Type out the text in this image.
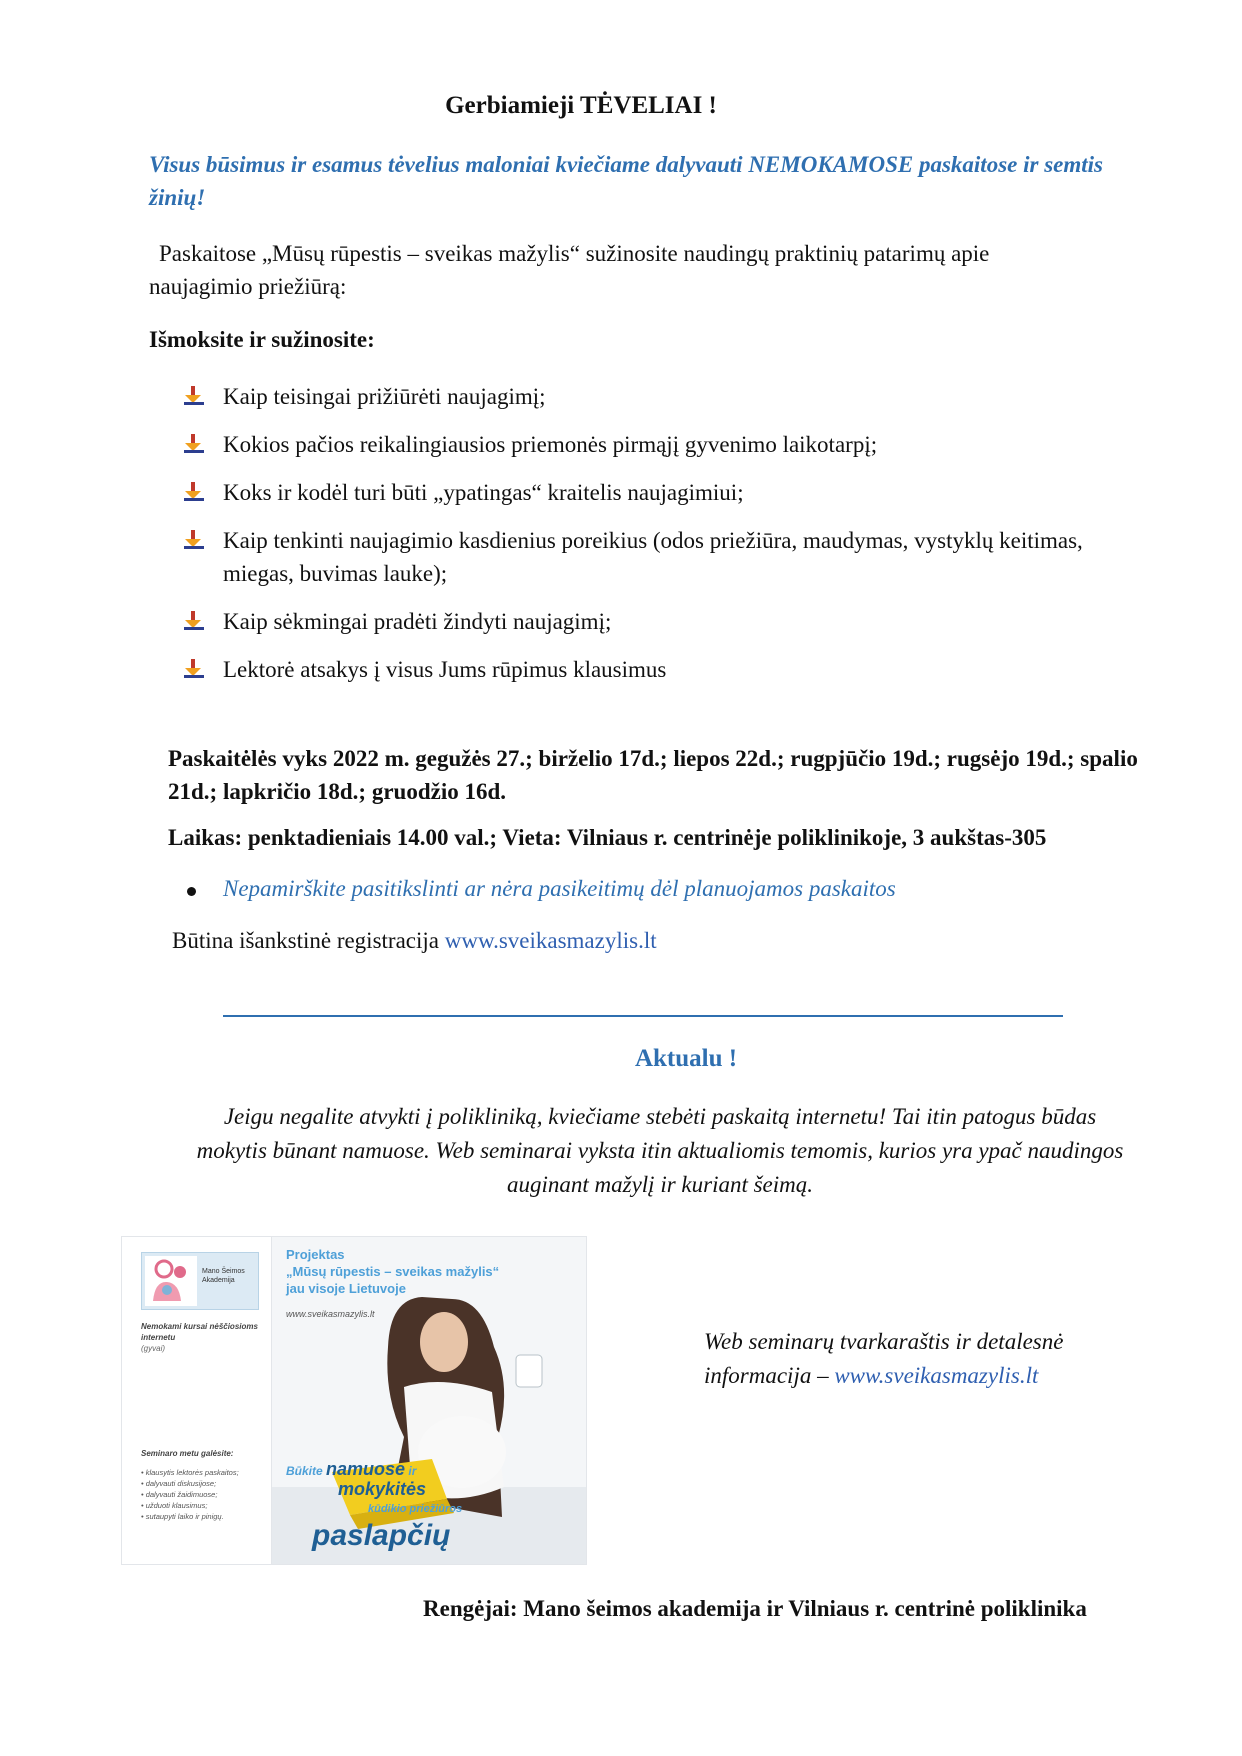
Gerbiamieji TĖVELIAI !
Visus būsimus ir esamus tėvelius maloniai kviečiame dalyvauti NEMOKAMOSE paskaitose ir semtis žinių!
Paskaitose „Mūsų rūpestis – sveikas mažylis“ sužinosite naudingų praktinių patarimų apie naujagimio priežiūrą:
Išmoksite ir sužinosite:
Kaip teisingai prižiūrėti naujagimį;
Kokios pačios reikalingiausios priemonės pirmąjį gyvenimo laikotarpį;
Koks ir kodėl turi būti „ypatingas“ kraitelis naujagimiui;
Kaip tenkinti naujagimio kasdienius poreikius (odos priežiūra, maudymas, vystyklų keitimas, miegas, buvimas lauke);
Kaip sėkmingai pradėti žindyti naujagimį;
Lektorė atsakys į visus Jums rūpimus klausimus
Paskaitėlės vyks 2022 m. gegužės 27.; birželio 17d.; liepos 22d.; rugpjūčio 19d.; rugsėjo 19d.; spalio 21d.; lapkričio 18d.; gruodžio 16d.
Laikas: penktadieniais 14.00 val.; Vieta: Vilniaus r. centrinėje poliklinikoje, 3 aukštas-305
Nepamirškite pasitikslinti ar nėra pasikeitimų dėl planuojamos paskaitos
Būtina išankstinė registracija www.sveikasmazylis.lt
Aktualu !
Jeigu negalite atvykti į polikliniką, kviečiame stebėti paskaitą internetu! Tai itin patogus būdas mokytis būnant namuose. Web seminarai vyksta itin aktualiomis temomis, kurios yra ypač naudingos auginant mažylį ir kuriant šeimą.
Mano Šeimos Akademija
Nemokami kursai nėščiosioms internetu
(gyvai)
Seminaro metu galėsite:
• klausytis lektorės paskaitos;
• dalyvauti diskusijose;
• dalyvauti žaidimuose;
• užduoti klausimus;
• sutaupyti laiko ir pinigų.
Projektas
„Mūsų rūpestis – sveikas mažylis“
jau visoje Lietuvoje
www.sveikasmazylis.lt
Būkite namuose ir
mokykitės
kūdikio priežiūros
paslapčių
Web seminarų tvarkaraštis ir detalesnė informacija – www.sveikasmazylis.lt
Rengėjai: Mano šeimos akademija ir Vilniaus r. centrinė poliklinika
